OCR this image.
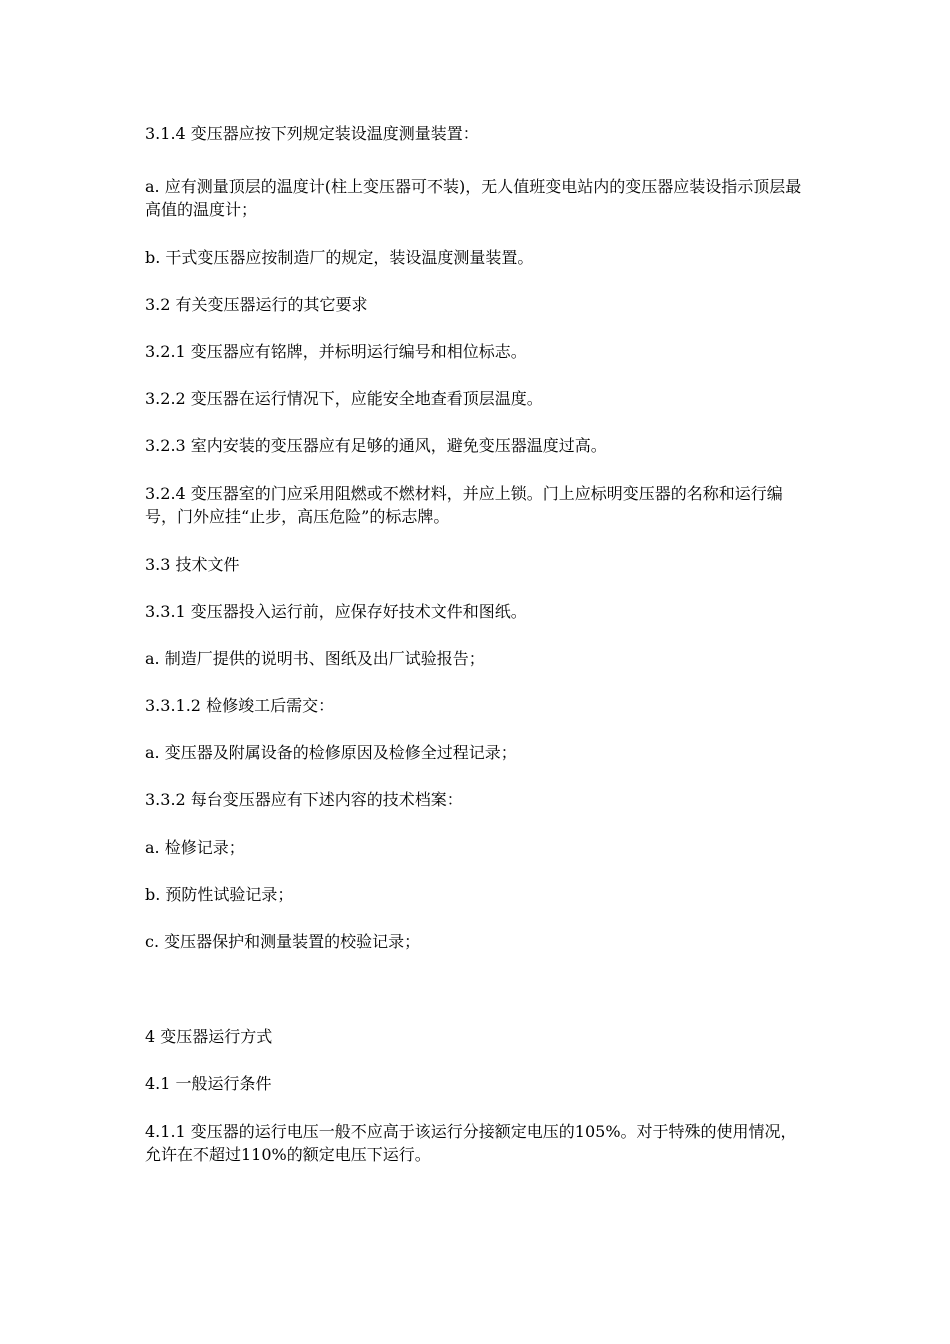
3.1.4 变压器应按下列规定装设温度测量装置：

a. 应有测量顶层的温度计(柱上变压器可不装)，无人值班变电站内的变压器应装设指示顶层最高值的温度计；

b. 干式变压器应按制造厂的规定，装设温度测量装置。

3.2 有关变压器运行的其它要求

3.2.1 变压器应有铭牌，并标明运行编号和相位标志。

3.2.2 变压器在运行情况下，应能安全地查看顶层温度。

3.2.3 室内安装的变压器应有足够的通风，避免变压器温度过高。

3.2.4 变压器室的门应采用阻燃或不燃材料，并应上锁。门上应标明变压器的名称和运行编号，门外应挂“止步，高压危险”的标志牌。

3.3 技术文件

3.3.1 变压器投入运行前，应保存好技术文件和图纸。

a. 制造厂提供的说明书、图纸及出厂试验报告；

3.3.1.2 检修竣工后需交：

a. 变压器及附属设备的检修原因及检修全过程记录；

3.3.2 每台变压器应有下述内容的技术档案：

a. 检修记录；

b. 预防性试验记录；

c. 变压器保护和测量装置的校验记录；

4 变压器运行方式

4.1 一般运行条件

4.1.1 变压器的运行电压一般不应高于该运行分接额定电压的105%。对于特殊的使用情况，允许在不超过110%的额定电压下运行。
